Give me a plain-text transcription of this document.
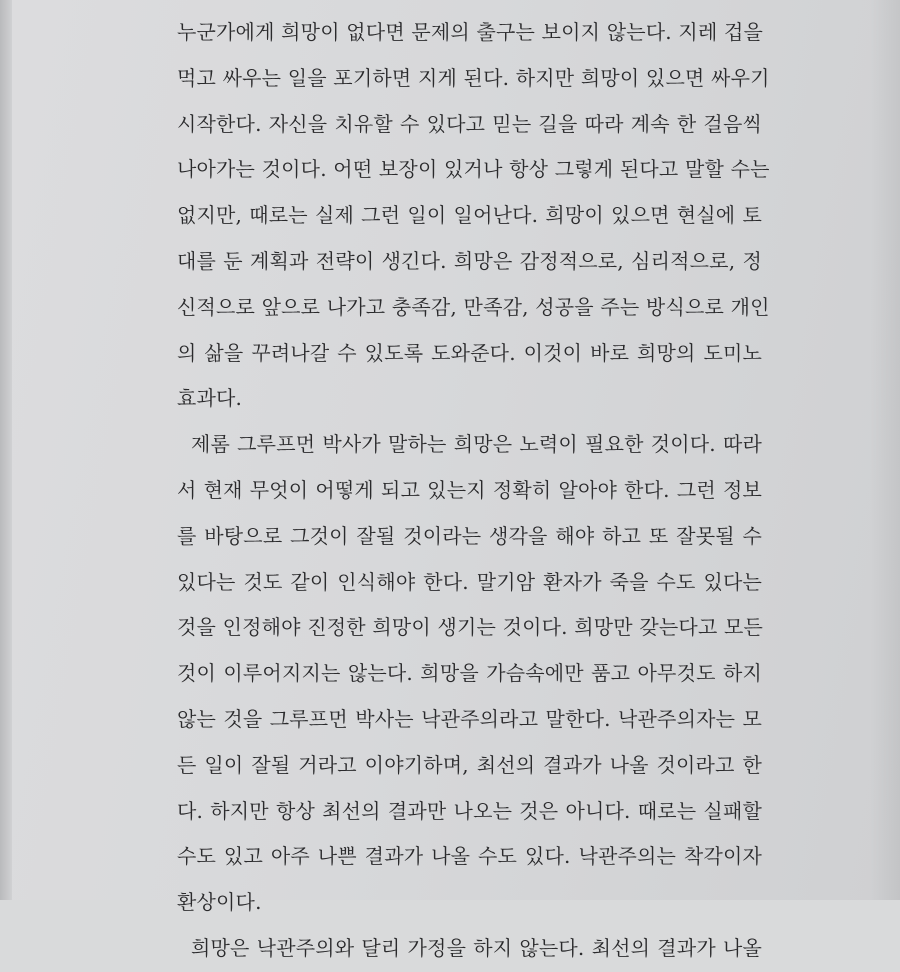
누군가에게 희망이 없다면 문제의 출구는 보이지 않는다. 지레 겁을
먹고 싸우는 일을 포기하면 지게 된다. 하지만 희망이 있으면 싸우기
시작한다. 자신을 치유할 수 있다고 믿는 길을 따라 계속 한 걸음씩
나아가는 것이다. 어떤 보장이 있거나 항상 그렇게 된다고 말할 수는
없지만, 때로는 실제 그런 일이 일어난다. 희망이 있으면 현실에 토
대를 둔 계획과 전략이 생긴다. 희망은 감정적으로, 심리적으로, 정
신적으로 앞으로 나가고 충족감, 만족감, 성공을 주는 방식으로 개인
의 삶을 꾸려나갈 수 있도록 도와준다. 이것이 바로 희망의 도미노
효과다.
제롬 그루프먼 박사가 말하는 희망은 노력이 필요한 것이다. 따라
서 현재 무엇이 어떻게 되고 있는지 정확히 알아야 한다. 그런 정보
를 바탕으로 그것이 잘될 것이라는 생각을 해야 하고 또 잘못될 수
있다는 것도 같이 인식해야 한다. 말기암 환자가 죽을 수도 있다는
것을 인정해야 진정한 희망이 생기는 것이다. 희망만 갖는다고 모든
것이 이루어지지는 않는다. 희망을 가슴속에만 품고 아무것도 하지
않는 것을 그루프먼 박사는 낙관주의라고 말한다. 낙관주의자는 모
든 일이 잘될 거라고 이야기하며, 최선의 결과가 나올 것이라고 한
다. 하지만 항상 최선의 결과만 나오는 것은 아니다. 때로는 실패할
수도 있고 아주 나쁜 결과가 나올 수도 있다. 낙관주의는 착각이자
환상이다.
희망은 낙관주의와 달리 가정을 하지 않는다. 최선의 결과가 나올
